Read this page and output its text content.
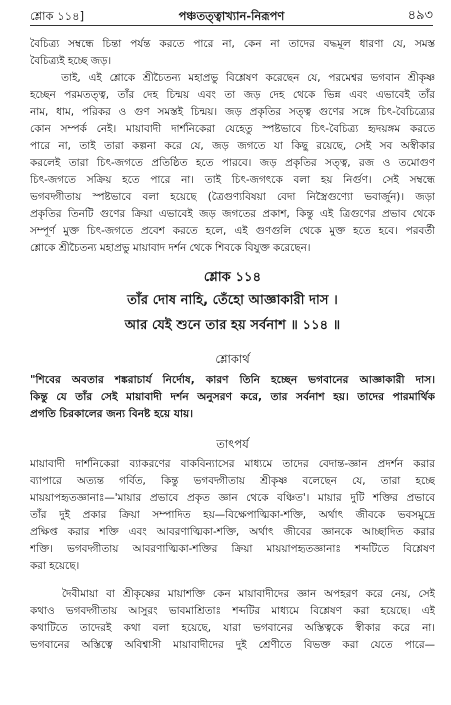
শ্লোক ১১৪]	পঞ্চতত্ত্বাখ্যান-নিরূপণ	৪৯৩
বৈচিত্র্য সম্বন্ধে চিন্তা পর্যন্ত করতে পারে না, কেন না তাদের বদ্ধমূল ধারণা যে, সমস্ত
বৈচিত্র্যই হচ্ছে জড়।
তাই, এই শ্লোকে শ্রীচৈতন্য মহাপ্রভু বিশ্লেষণ করেছেন যে, পরমেশ্বর ভগবান শ্রীকৃষ্ণ
হচ্ছেন পরমতত্ত্ব, তাঁর দেহ চিন্ময় এবং তা জড় দেহ থেকে ভিন্ন এবং এভাবেই তাঁর
নাম, ধাম, পরিকর ও গুণ সমস্তই চিন্ময়। জড় প্রকৃতির সত্ত্ব গুণের সঙ্গে চিৎ-বৈচিত্র্যের
কোন সম্পর্ক নেই। মায়াবাদী দার্শনিকেরা যেহেতু স্পষ্টভাবে চিৎ-বৈচিত্র্য হৃদয়ঙ্গম করতে
পারে না, তাই তারা কল্পনা করে যে, জড় জগতে যা কিছু রয়েছে, সেই সব অস্বীকার
করলেই তারা চিৎ-জগতে প্রতিষ্ঠিত হতে পারবে। জড় প্রকৃতির সত্ত্ব, রজ ও তমোগুণ
চিৎ-জগতে সক্রিয় হতে পারে না। তাই চিৎ-জগৎকে বলা হয় নির্গুণ। সেই সম্বন্ধে
ভগবদ্গীতায় স্পষ্টভাবে বলা হয়েছে (ত্রৈগুণ্যবিষয়া বেদা নিস্ত্রৈগুণ্যো ভবার্জুন)। জড়া
প্রকৃতির তিনটি গুণের ক্রিয়া এভাবেই জড় জগতের প্রকাশ, কিন্তু এই ত্রিগুণের প্রভাব থেকে
সম্পূর্ণ মুক্ত চিৎ-জগতে প্রবেশ করতে হলে, এই গুণগুলি থেকে মুক্ত হতে হবে। পরবর্তী
শ্লোকে শ্রীচৈতন্য মহাপ্রভু মায়াবাদ দর্শন থেকে শিবকে বিযুক্ত করেছেন।
শ্লোক ১১৪
তাঁর দোষ নাহি, তেঁহো আজ্ঞাকারী দাস ।
আর যেই শুনে তার হয় সর্বনাশ ॥ ১১৪ ॥
শ্লোকার্থ
"শিবের অবতার শঙ্করাচার্য নির্দোষ, কারণ তিনি হচ্ছেন ভগবানের আজ্ঞাকারী দাস।
কিন্তু যে তাঁর সেই মায়াবাদী দর্শন অনুসরণ করে, তার সর্বনাশ হয়। তাদের পারমার্থিক
প্রগতি চিরকালের জন্য বিনষ্ট হয়ে যায়।
তাৎপর্য
মায়াবাদী দার্শনিকেরা ব্যাকরণের বাকবিন্যাসের মাধ্যমে তাদের বেদান্ত-জ্ঞান প্রদর্শন করার
ব্যাপারে অত্যন্ত গর্বিত, কিন্তু ভগবদ্গীতায় শ্রীকৃষ্ণ বলেছেন যে, তারা হচ্ছে
মায়য়াপহৃতজ্ঞানাঃ—'মায়ার প্রভাবে প্রকৃত জ্ঞান থেকে বঞ্চিত'। মায়ার দুটি শক্তির প্রভাবে
তাঁর দুই প্রকার ক্রিয়া সম্পাদিত হয়—বিক্ষেপাত্মিকা-শক্তি, অর্থাৎ জীবকে ভবসমুদ্রে
প্রক্ষিপ্ত করার শক্তি এবং আবরণাত্মিকা-শক্তি, অর্থাৎ জীবের জ্ঞানকে আচ্ছাদিত করার
শক্তি। ভগবদ্গীতায় আবরণাত্মিকা-শক্তির ক্রিয়া মায়য়াপহৃতজ্ঞানাঃ শব্দটিতে বিশ্লেষণ
করা হয়েছে।
দৈবীমায়া বা শ্রীকৃষ্ণের মায়াশক্তি কেন মায়াবাদীদের জ্ঞান অপহরণ করে নেয়, সেই
কথাও ভগবদ্গীতায় আসুরং ভাবমাশ্রিতাঃ শব্দটির মাধ্যমে বিশ্লেষণ করা হয়েছে। এই
কথাটিতে তাদেরই কথা বলা হয়েছে, যারা ভগবানের অস্তিত্বকে স্বীকার করে না।
ভগবানের অস্তিত্বে অবিশ্বাসী মায়াবাদীদের দুই শ্রেণীতে বিভক্ত করা যেতে পারে—
